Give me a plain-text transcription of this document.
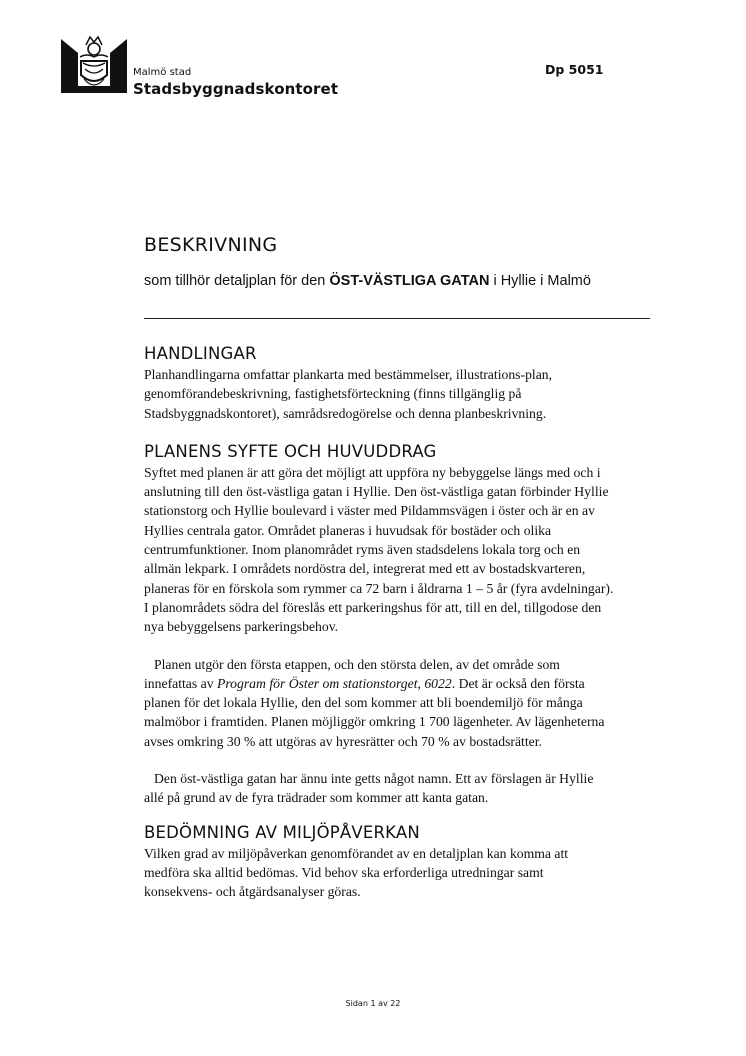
Malmö stad
Stadsbyggnadskontoret
Dp 5051
BESKRIVNING
som tillhör detaljplan för den ÖST-VÄSTLIGA GATAN i Hyllie i Malmö
HANDLINGAR

Planhandlingarna omfattar plankarta med bestämmelser, illustrations-plan, genomförandebeskrivning, fastighetsförteckning (finns tillgänglig på Stadsbyggnadskontoret), samrådsredogörelse och denna planbeskrivning.

PLANENS SYFTE OCH HUVUDDRAG

Syftet med planen är att göra det möjligt att uppföra ny bebyggelse längs med och i anslutning till den öst-västliga gatan i Hyllie. Den öst-västliga gatan förbinder Hyllie stationstorg och Hyllie boulevard i väster med Pildammsvägen i öster och är en av Hyllies centrala gator. Området planeras i huvudsak för bostäder och olika centrumfunktioner. Inom planområdet ryms även stadsdelens lokala torg och en allmän lekpark. I områdets nordöstra del, integrerat med ett av bostadskvarteren, planeras för en förskola som rymmer ca 72 barn i åldrarna 1 – 5 år (fyra avdelningar). I planområdets södra del föreslås ett parkeringshus för att, till en del, tillgodose den nya bebyggelsens parkeringsbehov.

Planen utgör den första etappen, och den största delen, av det område som innefattas av Program för Öster om stationstorget, 6022. Det är också den första planen för det lokala Hyllie, den del som kommer att bli boendemiljö för många malmöbor i framtiden. Planen möjliggör omkring 1 700 lägenheter. Av lägenheterna avses omkring 30 % att utgöras av hyresrätter och 70 % av bostadsrätter.

Den öst-västliga gatan har ännu inte getts något namn. Ett av förslagen är Hyllie allé på grund av de fyra trädrader som kommer att kanta gatan.

BEDÖMNING AV MILJÖPÅVERKAN

Vilken grad av miljöpåverkan genomförandet av en detaljplan kan komma att medföra ska alltid bedömas. Vid behov ska erforderliga utredningar samt konsekvens- och åtgärdsanalyser göras.

Sidan 1 av 22
